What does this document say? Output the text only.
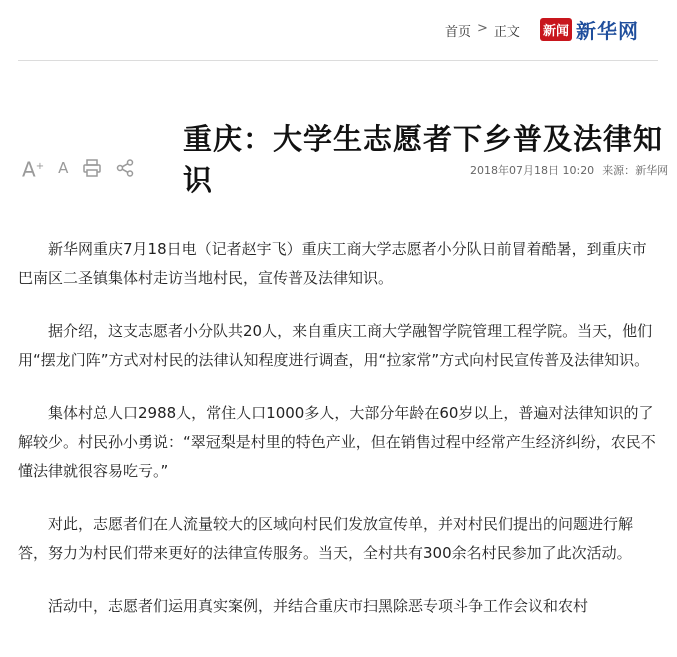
首页 > 正文 新闻 新华网
重庆：大学生志愿者下乡普及法律知识
A+ A	2018年07月18日 10:20 来源：新华网

新华网重庆7月18日电（记者赵宇飞）重庆工商大学志愿者小分队日前冒着酷暑，到重庆市巴南区二圣镇集体村走访当地村民，宣传普及法律知识。

据介绍，这支志愿者小分队共20人，来自重庆工商大学融智学院管理工程学院。当天，他们用“摆龙门阵”方式对村民的法律认知程度进行调查，用“拉家常”方式向村民宣传普及法律知识。

集体村总人口2988人，常住人口1000多人，大部分年龄在60岁以上，普遍对法律知识的了解较少。村民孙小勇说：“翠冠梨是村里的特色产业，但在销售过程中经常产生经济纠纷，农民不懂法律就很容易吃亏。”

对此，志愿者们在人流量较大的区域向村民们发放宣传单，并对村民们提出的问题进行解答，努力为村民们带来更好的法律宣传服务。当天，全村共有300余名村民参加了此次活动。

活动中，志愿者们运用真实案例，并结合重庆市扫黑除恶专项斗争工作会议和农村
